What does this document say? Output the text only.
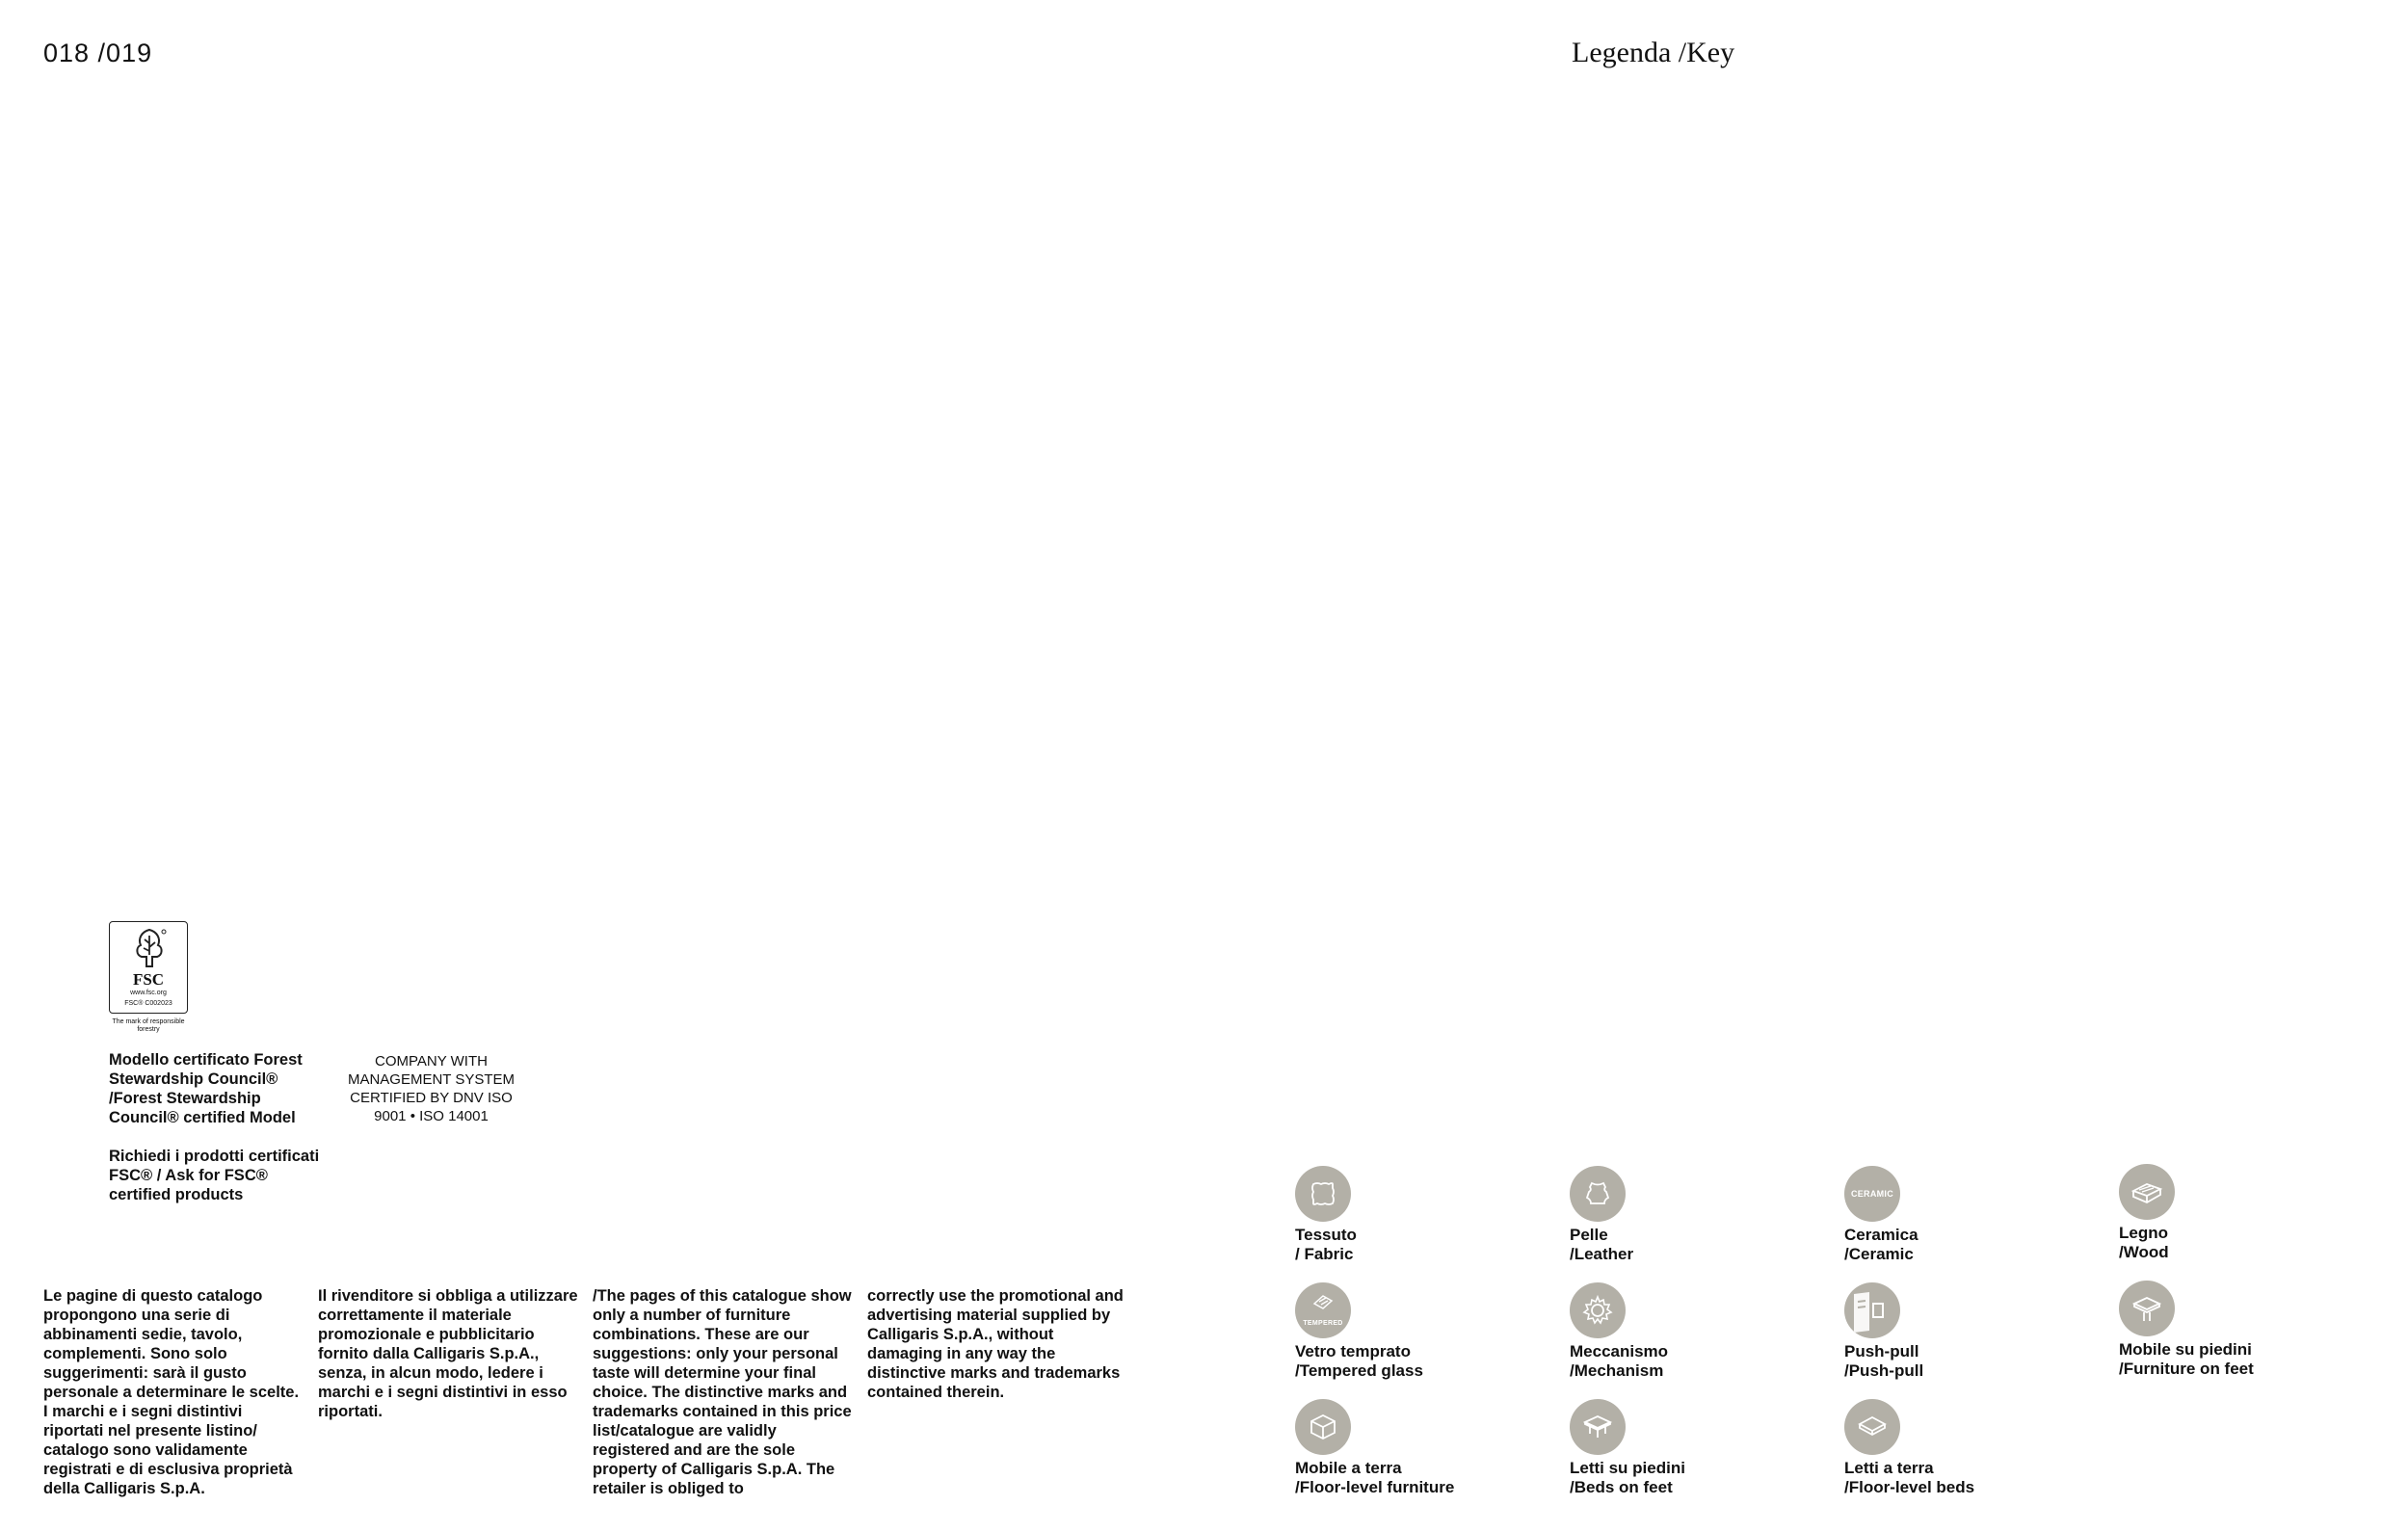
018 /019	Legenda /Key
FSC
www.fsc.org
FSC® C002023
The mark of responsible forestry

Modello certificato Forest Stewardship Council® /Forest Stewardship Council® certified Model

Richiedi i prodotti certificati FSC® / Ask for FSC® certified products

COMPANY WITH MANAGEMENT SYSTEM CERTIFIED BY DNV ISO 9001 • ISO 14001
Le pagine di questo catalogo propongono una serie di abbinamenti sedie, tavolo, complementi. Sono solo suggerimenti: sarà il gusto personale a determinare le scelte. I marchi e i segni distintivi riportati nel presente listino/ catalogo sono validamente registrati e di esclusiva proprietà della Calligaris S.p.A.
Il rivenditore si obbliga a utilizzare correttamente il materiale promozionale e pubblicitario fornito dalla Calligaris S.p.A., senza, in alcun modo, ledere i marchi e i segni distintivi in esso riportati.
/The pages of this catalogue show only a number of furniture combinations. These are our suggestions: only your personal taste will determine your final choice. The distinctive marks and trademarks contained in this price list/catalogue are validly registered and are the sole property of Calligaris S.p.A. The retailer is obliged to
correctly use the promotional and advertising material supplied by Calligaris S.p.A., without damaging in any way the distinctive marks and trademarks contained therein.
Tessuto
/ Fabric
Pelle
/Leather
CERAMIC
Ceramica
/Ceramic
Legno
/Wood
TEMPERED
Vetro temprato
/Tempered glass
Meccanismo
/Mechanism
Push-pull
/Push-pull
Mobile su piedini
/Furniture on feet
Mobile a terra
/Floor-level furniture
Letti su piedini
/Beds on feet
Letti a terra
/Floor-level beds
